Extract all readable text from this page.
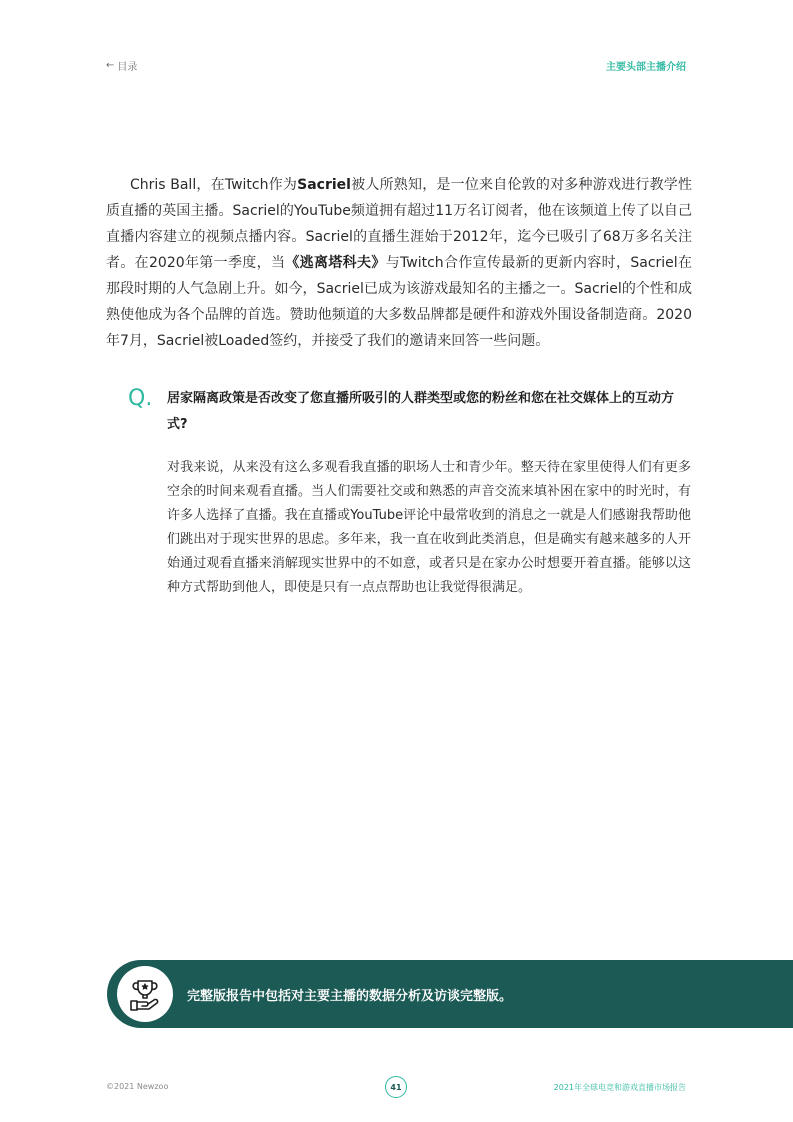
← 目录	主要头部主播介绍

Chris Ball，在Twitch作为Sacriel被人所熟知，是一位来自伦敦的对多种游戏进行教学性质直播的英国主播。Sacriel的YouTube频道拥有超过11万名订阅者，他在该频道上传了以自己直播内容建立的视频点播内容。Sacriel的直播生涯始于2012年，迄今已吸引了68万多名关注者。在2020年第一季度，当《逃离塔科夫》与Twitch合作宣传最新的更新内容时，Sacriel在那段时期的人气急剧上升。如今，Sacriel已成为该游戏最知名的主播之一。Sacriel的个性和成熟使他成为各个品牌的首选。赞助他频道的大多数品牌都是硬件和游戏外围设备制造商。2020年7月，Sacriel被Loaded签约，并接受了我们的邀请来回答一些问题。

Q. 居家隔离政策是否改变了您直播所吸引的人群类型或您的粉丝和您在社交媒体上的互动方式?

对我来说，从来没有这么多观看我直播的职场人士和青少年。整天待在家里使得人们有更多空余的时间来观看直播。当人们需要社交或和熟悉的声音交流来填补困在家中的时光时，有许多人选择了直播。我在直播或YouTube评论中最常收到的消息之一就是人们感谢我帮助他们跳出对于现实世界的思虑。多年来，我一直在收到此类消息，但是确实有越来越多的人开始通过观看直播来消解现实世界中的不如意，或者只是在家办公时想要开着直播。能够以这种方式帮助到他人，即使是只有一点点帮助也让我觉得很满足。

完整版报告中包括对主要主播的数据分析及访谈完整版。
©2021 Newzoo	41	2021年全球电竞和游戏直播市场报告
